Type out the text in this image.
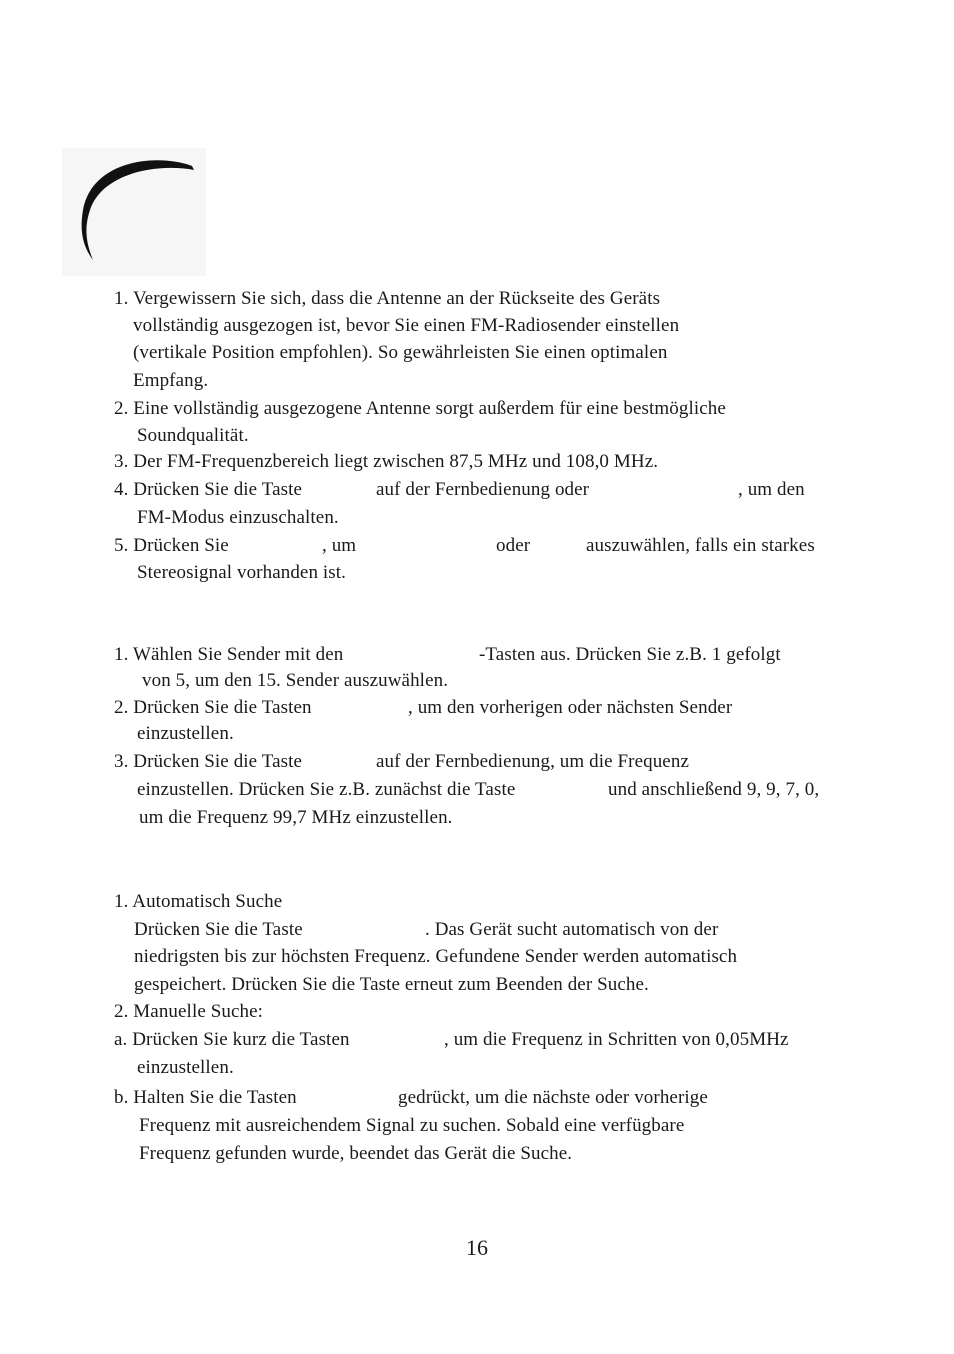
1. Vergewissern Sie sich, dass die Antenne an der Rückseite des Geräts
vollständig ausgezogen ist, bevor Sie einen FM-Radiosender einstellen
(vertikale Position empfohlen). So gewährleisten Sie einen optimalen
Empfang.
2. Eine vollständig ausgezogene Antenne sorgt außerdem für eine bestmögliche
Soundqualität.
3. Der FM-Frequenzbereich liegt zwischen 87,5 MHz und 108,0 MHz.
4. Drücken Sie die Taste	auf der Fernbedienung oder	, um den
FM-Modus einzuschalten.
5. Drücken Sie	, um	oder	auszuwählen, falls ein starkes
Stereosignal vorhanden ist.
1. Wählen Sie Sender mit den	-Tasten aus. Drücken Sie z.B. 1 gefolgt
von 5, um den 15. Sender auszuwählen.
2. Drücken Sie die Tasten	, um den vorherigen oder nächsten Sender
einzustellen.
3. Drücken Sie die Taste	auf der Fernbedienung, um die Frequenz
einzustellen. Drücken Sie z.B. zunächst die Taste	und anschließend 9, 9, 7, 0,
um die Frequenz 99,7 MHz einzustellen.
1. Automatisch Suche
Drücken Sie die Taste	. Das Gerät sucht automatisch von der
niedrigsten bis zur höchsten Frequenz. Gefundene Sender werden automatisch
gespeichert. Drücken Sie die Taste erneut zum Beenden der Suche.
2. Manuelle Suche:
a. Drücken Sie kurz die Tasten	, um die Frequenz in Schritten von 0,05MHz
einzustellen.
b. Halten Sie die Tasten	gedrückt, um die nächste oder vorherige
Frequenz mit ausreichendem Signal zu suchen. Sobald eine verfügbare
Frequenz gefunden wurde, beendet das Gerät die Suche.
16
